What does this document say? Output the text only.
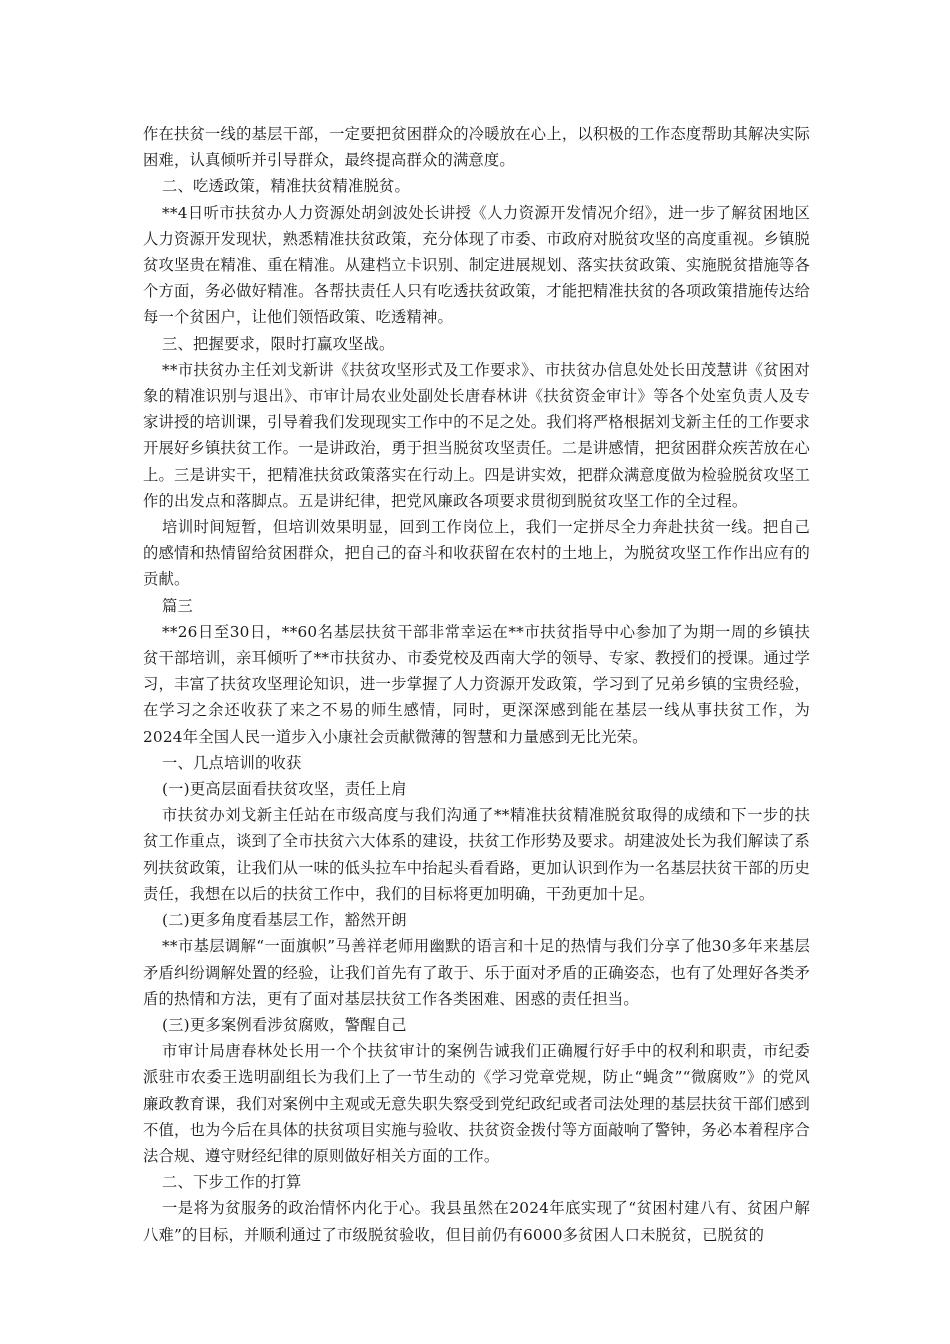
作在扶贫一线的基层干部，一定要把贫困群众的冷暖放在心上，以积极的工作态度帮助其解决实际困难，认真倾听并引导群众，最终提高群众的满意度。

二、吃透政策，精准扶贫精准脱贫。

**4日听市扶贫办人力资源处胡剑波处长讲授《人力资源开发情况介绍》，进一步了解贫困地区人力资源开发现状，熟悉精准扶贫政策，充分体现了市委、市政府对脱贫攻坚的高度重视。乡镇脱贫攻坚贵在精准、重在精准。从建档立卡识别、制定进展规划、落实扶贫政策、实施脱贫措施等各个方面，务必做好精准。各帮扶责任人只有吃透扶贫政策，才能把精准扶贫的各项政策措施传达给每一个贫困户，让他们领悟政策、吃透精神。

三、把握要求，限时打赢攻坚战。

**市扶贫办主任刘戈新讲《扶贫攻坚形式及工作要求》、市扶贫办信息处处长田茂慧讲《贫困对象的精准识别与退出》、市审计局农业处副处长唐春林讲《扶贫资金审计》等各个处室负责人及专家讲授的培训课，引导着我们发现现实工作中的不足之处。我们将严格根据刘戈新主任的工作要求开展好乡镇扶贫工作。一是讲政治，勇于担当脱贫攻坚责任。二是讲感情，把贫困群众疾苦放在心上。三是讲实干，把精准扶贫政策落实在行动上。四是讲实效，把群众满意度做为检验脱贫攻坚工作的出发点和落脚点。五是讲纪律，把党风廉政各项要求贯彻到脱贫攻坚工作的全过程。

培训时间短暂，但培训效果明显，回到工作岗位上，我们一定拼尽全力奔赴扶贫一线。把自己的感情和热情留给贫困群众，把自己的奋斗和收获留在农村的土地上，为脱贫攻坚工作作出应有的贡献。

篇三

**26日至30日，**60名基层扶贫干部非常幸运在**市扶贫指导中心参加了为期一周的乡镇扶贫干部培训，亲耳倾听了**市扶贫办、市委党校及西南大学的领导、专家、教授们的授课。通过学习，丰富了扶贫攻坚理论知识，进一步掌握了人力资源开发政策，学习到了兄弟乡镇的宝贵经验，在学习之余还收获了来之不易的师生感情，同时，更深深感到能在基层一线从事扶贫工作，为2024年全国人民一道步入小康社会贡献微薄的智慧和力量感到无比光荣。

一、几点培训的收获

(一)更高层面看扶贫攻坚，责任上肩

市扶贫办刘戈新主任站在市级高度与我们沟通了**精准扶贫精准脱贫取得的成绩和下一步的扶贫工作重点，谈到了全市扶贫六大体系的建设，扶贫工作形势及要求。胡建波处长为我们解读了系列扶贫政策，让我们从一味的低头拉车中抬起头看看路，更加认识到作为一名基层扶贫干部的历史责任，我想在以后的扶贫工作中，我们的目标将更加明确，干劲更加十足。

(二)更多角度看基层工作，豁然开朗

**市基层调解“一面旗帜”马善祥老师用幽默的语言和十足的热情与我们分享了他30多年来基层矛盾纠纷调解处置的经验，让我们首先有了敢于、乐于面对矛盾的正确姿态，也有了处理好各类矛盾的热情和方法，更有了面对基层扶贫工作各类困难、困惑的责任担当。

(三)更多案例看涉贫腐败，警醒自己

市审计局唐春林处长用一个个扶贫审计的案例告诫我们正确履行好手中的权利和职责，市纪委派驻市农委王选明副组长为我们上了一节生动的《学习党章党规，防止“蝇贪”“微腐败”》的党风廉政教育课，我们对案例中主观或无意失职失察受到党纪政纪或者司法处理的基层扶贫干部们感到不值，也为今后在具体的扶贫项目实施与验收、扶贫资金拨付等方面敲响了警钟，务必本着程序合法合规、遵守财经纪律的原则做好相关方面的工作。

二、下步工作的打算

一是将为贫服务的政治情怀内化于心。我县虽然在2024年底实现了“贫困村建八有、贫困户解八难”的目标，并顺利通过了市级脱贫验收，但目前仍有6000多贫困人口未脱贫，已脱贫的
